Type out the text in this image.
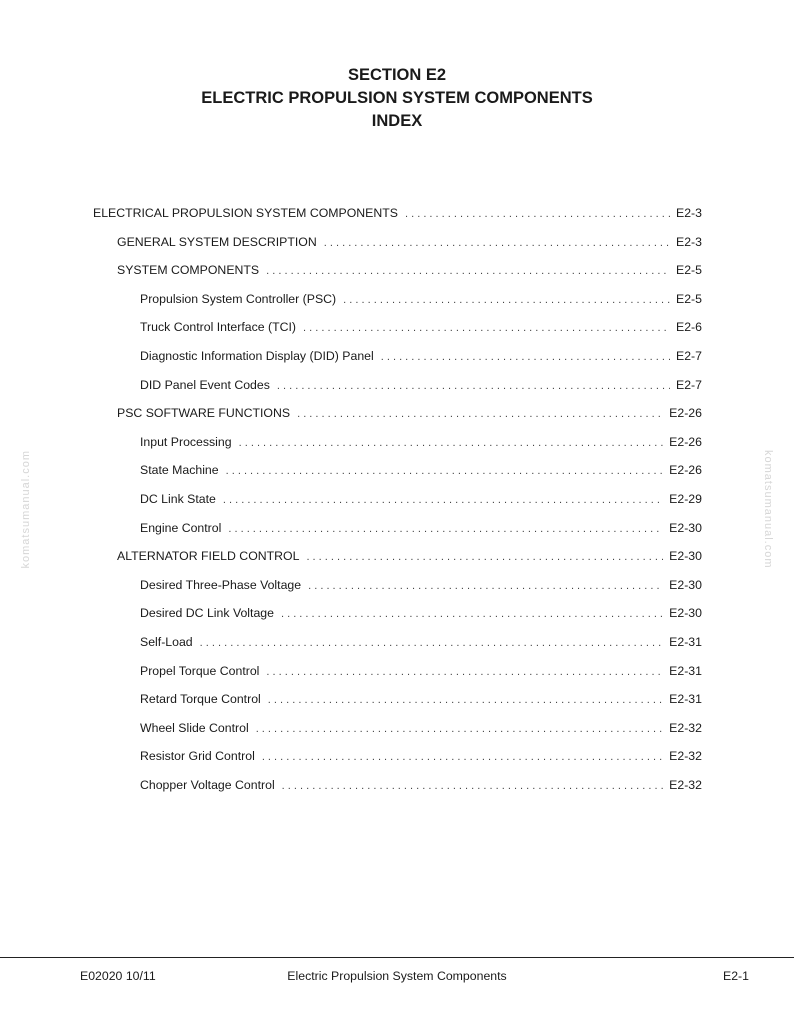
SECTION E2
ELECTRIC PROPULSION SYSTEM COMPONENTS
INDEX
ELECTRICAL PROPULSION SYSTEM COMPONENTS . . .	E2-3
GENERAL SYSTEM DESCRIPTION . . .	E2-3
SYSTEM COMPONENTS . . .	E2-5
Propulsion System Controller (PSC) . . .	E2-5
Truck Control Interface (TCI) . . .	E2-6
Diagnostic Information Display (DID) Panel . . .	E2-7
DID Panel Event Codes . . .	E2-7
PSC SOFTWARE FUNCTIONS . . .	E2-26
Input Processing . . .	E2-26
State Machine . . .	E2-26
DC Link State . . .	E2-29
Engine Control . . .	E2-30
ALTERNATOR FIELD CONTROL . . .	E2-30
Desired Three-Phase Voltage . . .	E2-30
Desired DC Link Voltage . . .	E2-30
Self-Load . . .	E2-31
Propel Torque Control . . .	E2-31
Retard Torque Control . . .	E2-31
Wheel Slide Control . . .	E2-32
Resistor Grid Control . . .	E2-32
Chopper Voltage Control . . .	E2-32
komatsumanual.com	komatsumanual.com
E02020 10/11	Electric Propulsion System Components	E2-1
